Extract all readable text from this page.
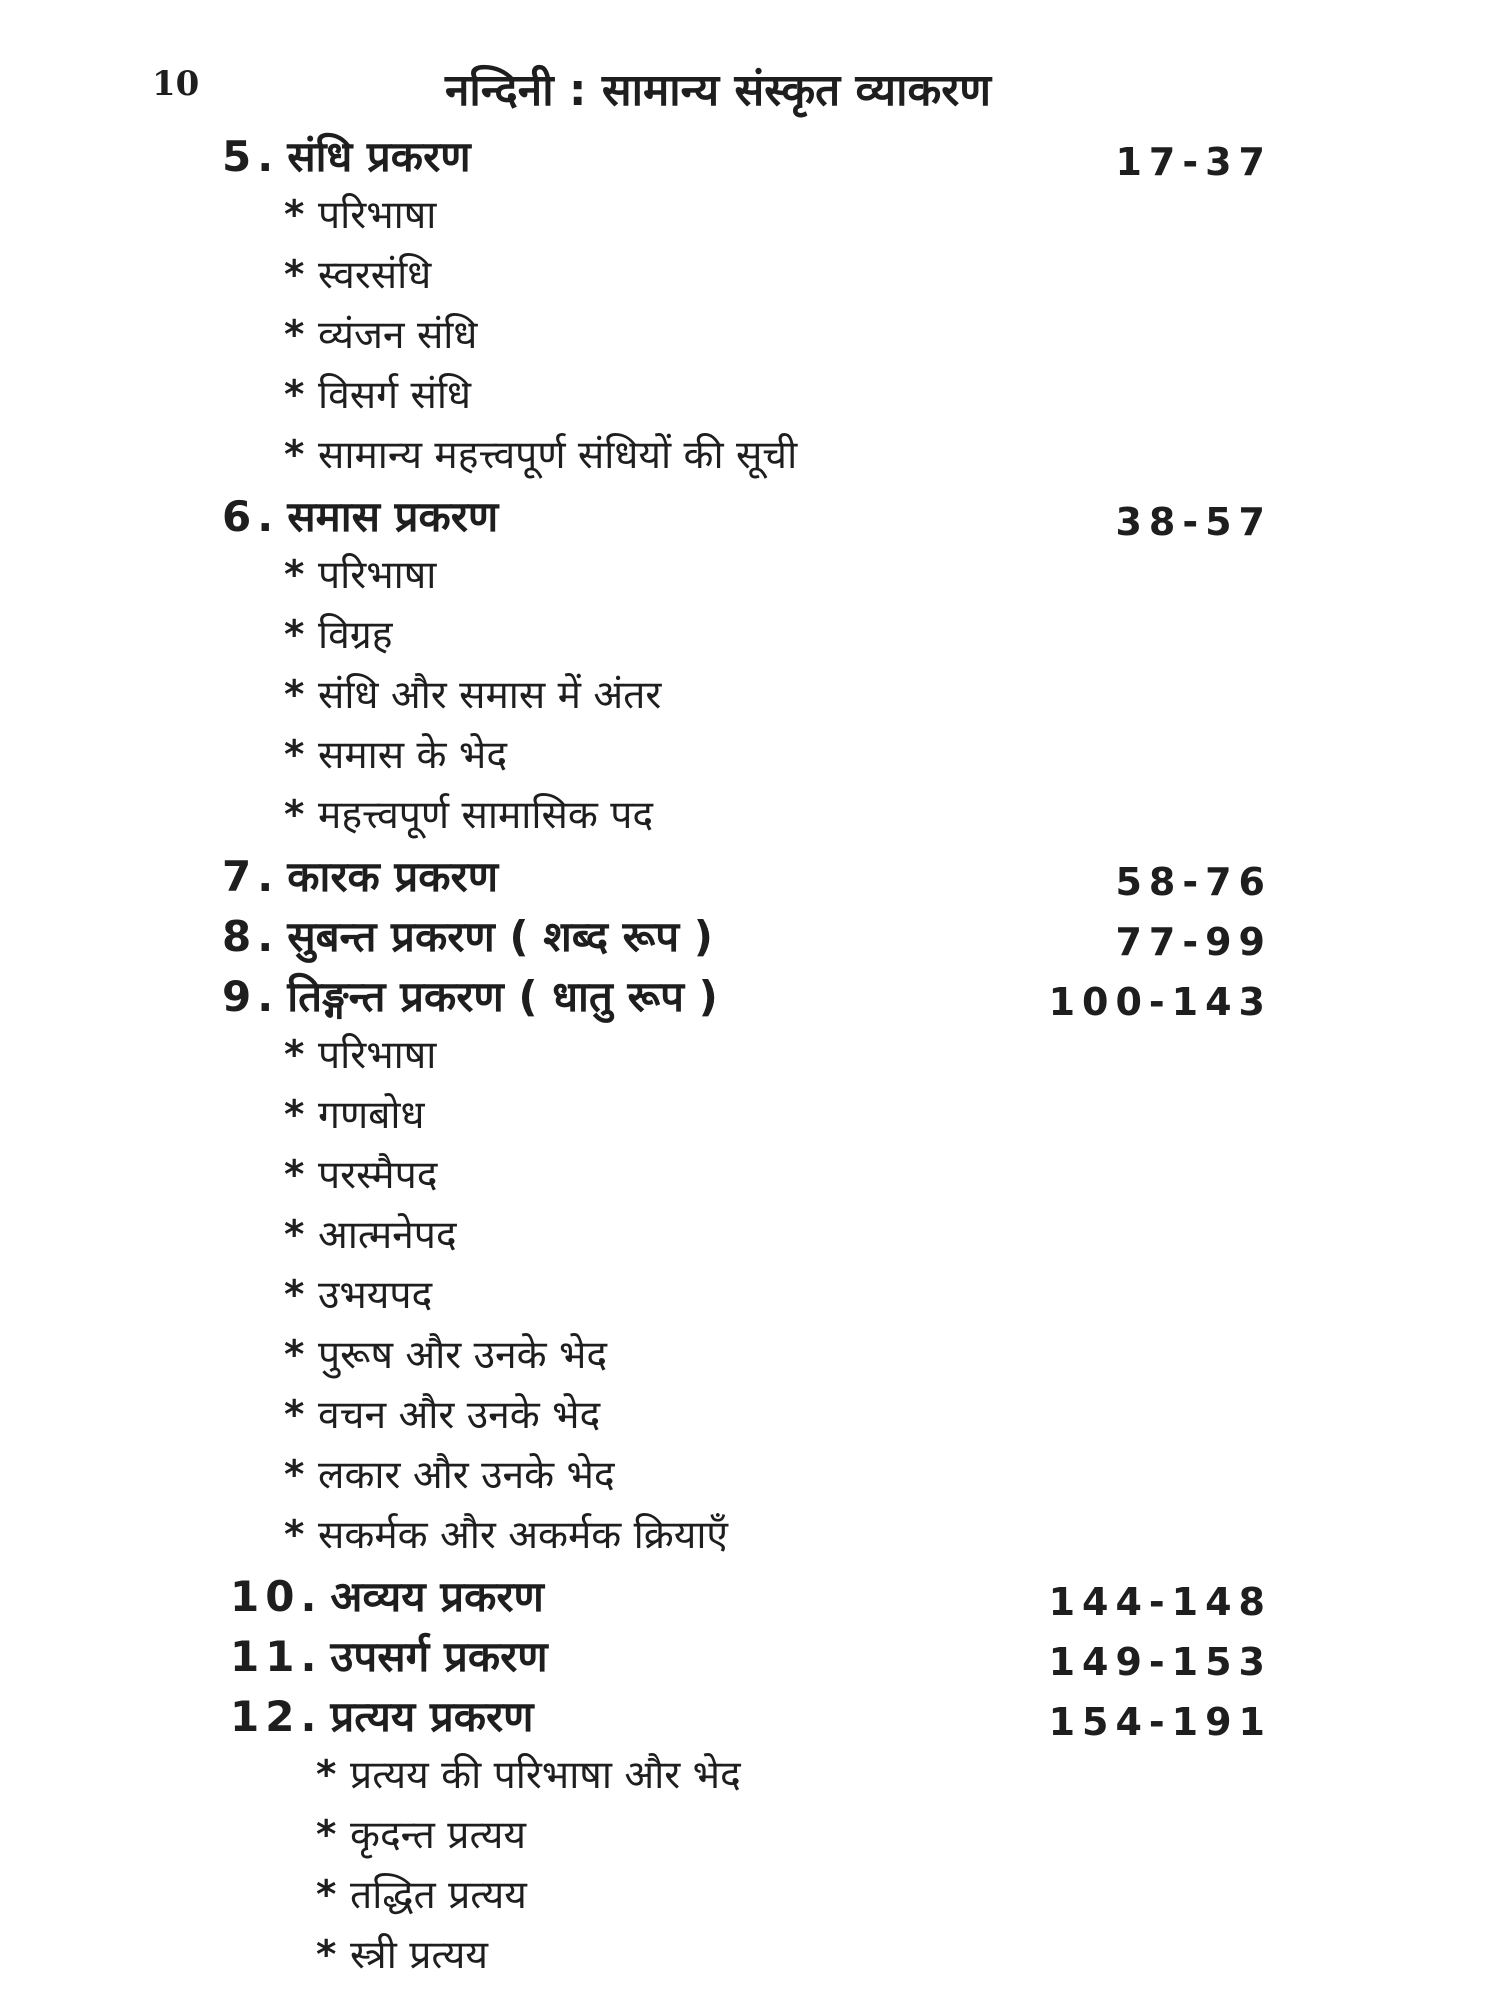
10	नन्दिनी : सामान्य संस्कृत व्याकरण
5. संधि प्रकरण	17-37
* परिभाषा
* स्वरसंधि
* व्यंजन संधि
* विसर्ग संधि
* सामान्य महत्त्वपूर्ण संधियों की सूची
6. समास प्रकरण	38-57
* परिभाषा
* विग्रह
* संधि और समास में अंतर
* समास के भेद
* महत्त्वपूर्ण सामासिक पद
7. कारक प्रकरण	58-76
8. सुबन्त प्रकरण ( शब्द रूप )	77-99
9. तिङ्गन्त प्रकरण ( धातु रूप )	100-143
* परिभाषा
* गणबोध
* परस्मैपद
* आत्मनेपद
* उभयपद
* पुरूष और उनके भेद
* वचन और उनके भेद
* लकार और उनके भेद
* सकर्मक और अकर्मक क्रियाएँ
10. अव्यय प्रकरण	144-148
11. उपसर्ग प्रकरण	149-153
12. प्रत्यय प्रकरण	154-191
* प्रत्यय की परिभाषा और भेद
* कृदन्त प्रत्यय
* तद्धित प्रत्यय
* स्त्री प्रत्यय
